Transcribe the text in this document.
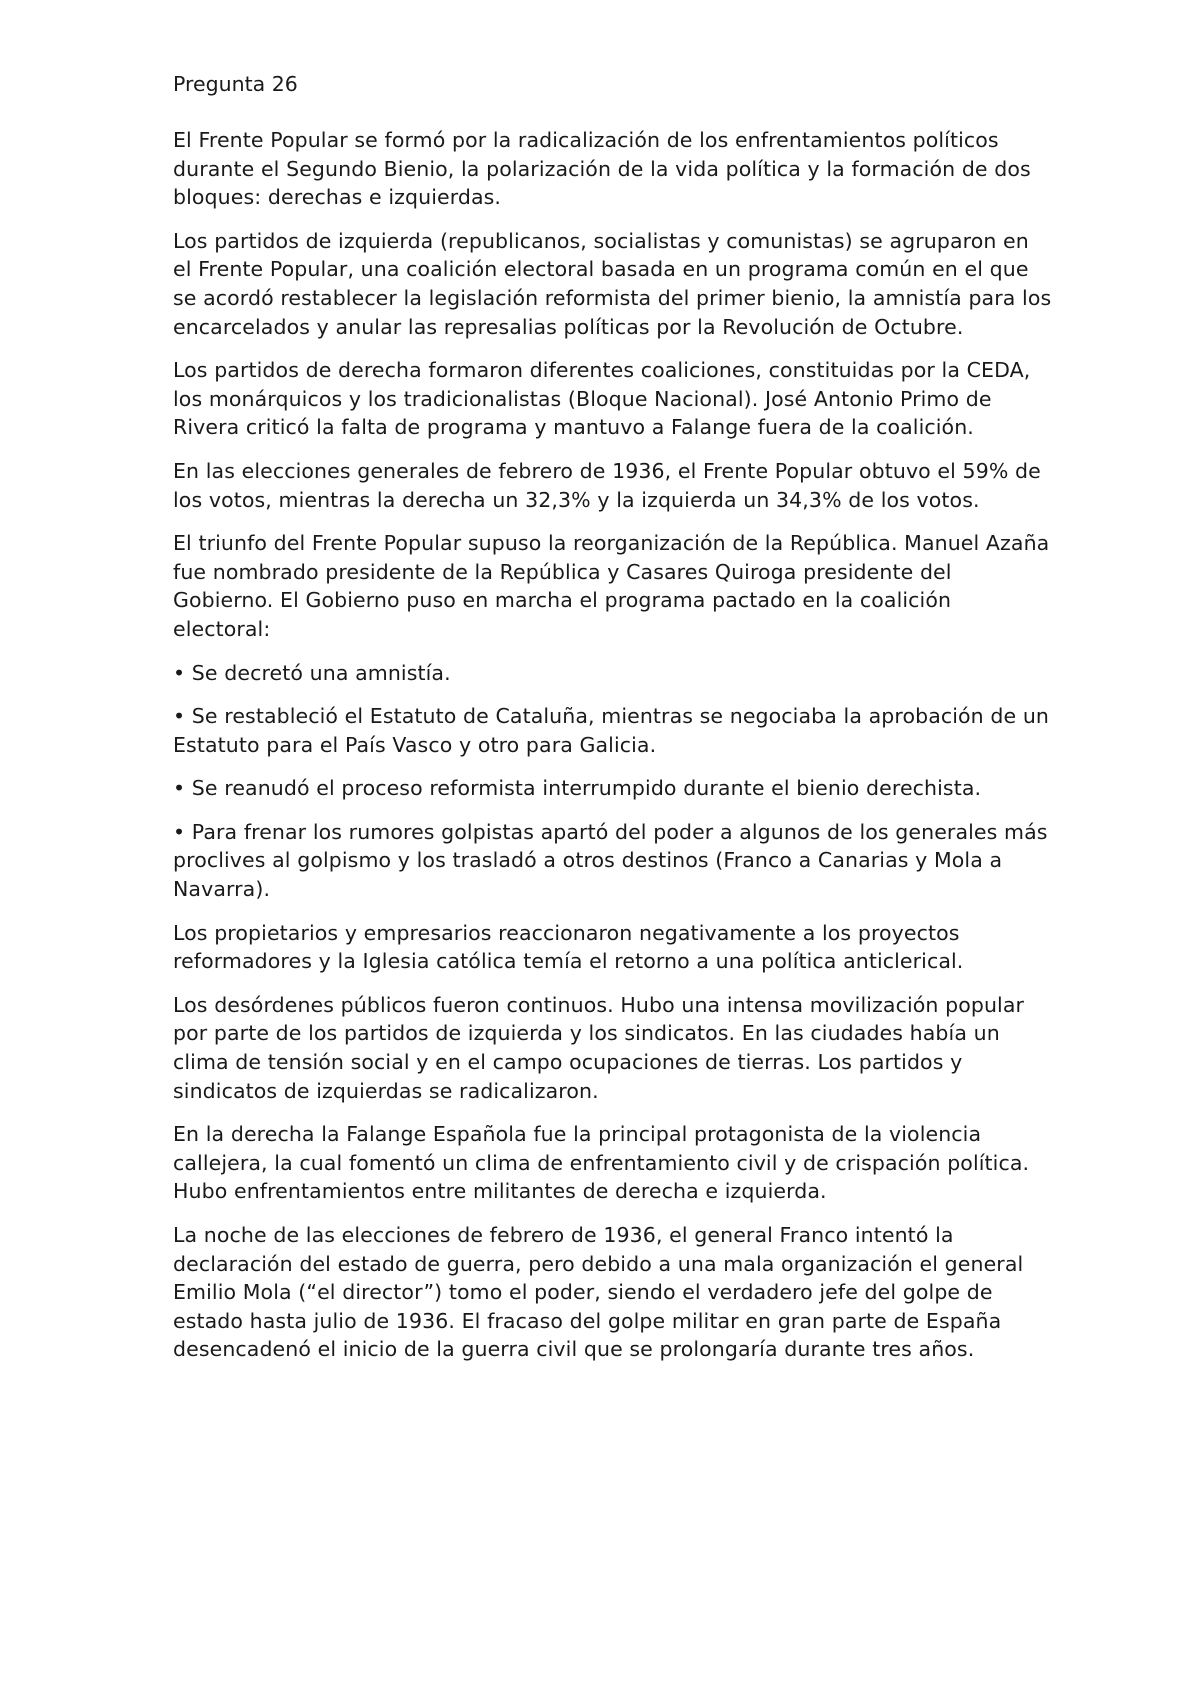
Pregunta 26

El Frente Popular se formó por la radicalización de los enfrentamientos políticos durante el Segundo Bienio, la polarización de la vida política y la formación de dos bloques: derechas e izquierdas.

Los partidos de izquierda (republicanos, socialistas y comunistas) se agruparon en el Frente Popular, una coalición electoral basada en un programa común en el que se acordó restablecer la legislación reformista del primer bienio, la amnistía para los encarcelados y anular las represalias políticas por la Revolución de Octubre.

Los partidos de derecha formaron diferentes coaliciones, constituidas por la CEDA, los monárquicos y los tradicionalistas (Bloque Nacional). José Antonio Primo de Rivera criticó la falta de programa y mantuvo a Falange fuera de la coalición.

En las elecciones generales de febrero de 1936, el Frente Popular obtuvo el 59% de los votos, mientras la derecha un 32,3% y la izquierda un 34,3% de los votos.

El triunfo del Frente Popular supuso la reorganización de la República. Manuel Azaña fue nombrado presidente de la República y Casares Quiroga presidente del Gobierno. El Gobierno puso en marcha el programa pactado en la coalición electoral:

• Se decretó una amnistía.

• Se restableció el Estatuto de Cataluña, mientras se negociaba la aprobación de un Estatuto para el País Vasco y otro para Galicia.

• Se reanudó el proceso reformista interrumpido durante el bienio derechista.

• Para frenar los rumores golpistas apartó del poder a algunos de los generales más proclives al golpismo y los trasladó a otros destinos (Franco a Canarias y Mola a Navarra).

Los propietarios y empresarios reaccionaron negativamente a los proyectos reformadores y la Iglesia católica temía el retorno a una política anticlerical.

Los desórdenes públicos fueron continuos. Hubo una intensa movilización popular por parte de los partidos de izquierda y los sindicatos. En las ciudades había un clima de tensión social y en el campo ocupaciones de tierras. Los partidos y sindicatos de izquierdas se radicalizaron.

En la derecha la Falange Española fue la principal protagonista de la violencia callejera, la cual fomentó un clima de enfrentamiento civil y de crispación política. Hubo enfrentamientos entre militantes de derecha e izquierda.

La noche de las elecciones de febrero de 1936, el general Franco intentó la declaración del estado de guerra, pero debido a una mala organización el general Emilio Mola (“el director”) tomo el poder, siendo el verdadero jefe del golpe de estado hasta julio de 1936. El fracaso del golpe militar en gran parte de España desencadenó el inicio de la guerra civil que se prolongaría durante tres años.
